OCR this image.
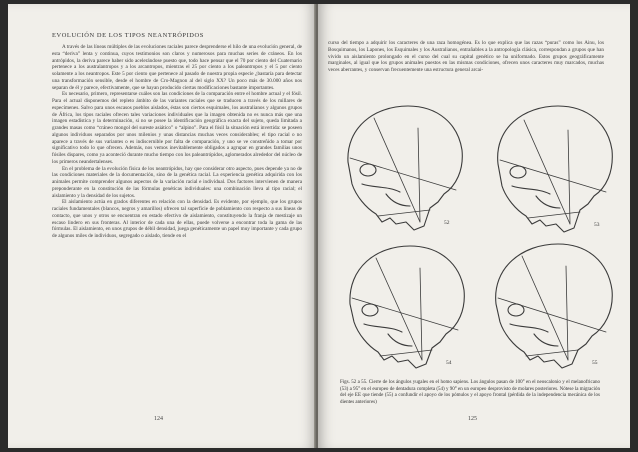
EVOLUCIÓN DE LOS TIPOS NEANTRÓPIDOS

A través de las líneas múltiples de las evoluciones raciales parece desprenderse el hilo de una evolución general, de esta “deriva” lenta y continua, cuyos testimonios son claros y numerosos para muchas series de cráneos. En los antrópidos, la deriva parece haber sido acelerándose puesto que, todo hace pensar que el 70 por ciento del Cuaternario pertenece a los australantropos y a los arcantropos, mientras el 25 por ciento a los paleantropos y el 5 por ciento solamente a los neantropos. Este 5 por ciento que pertenece al pasado de nuestra propia especie ¿bastaría para detectar una transformación sensible, desde el hombre de Cro-Magnon al del siglo XX? Un poco más de 30.000 años nos separan de él y parece, efectivamente, que se hayan producido ciertas modificaciones bastante importantes.

Es necesario, primero, representarse cuáles son las condiciones de la comparación entre el hombre actual y el fósil. Para el actual disponemos del repleto ámbito de las variantes raciales que se traducen a través de los millares de especímenes. Salvo para unos escasos pueblos aislados, éstas son ciertos esquimales, los australianos y algunos grupos de África, los tipos raciales ofrecen tales variaciones individuales que la imagen obtenida no es nunca más que una imagen estadística y la determinación, si no se posee la identificación geográfica exacta del sujeto, queda limitada a grandes masas como “cráneo mongol del sureste asiático” o “alpino”. Para el fósil la situación está invertida: se poseen algunos individuos separados por unos milenios y unas distancias muchas veces considerables; el tipo racial o no aparece a través de sus variantes o es indiscernible por falta de comparación, y uno se ve constreñido a tomar por significativo todo lo que ofrecen. Además, nos vemos inevitablemente obligados a agrupar en grandes familias unos fósiles dispares, como ya aconteció durante mucho tiempo con los paleantrópidos, aglomerados alrededor del núcleo de los primeros neandertalenses.

En el problema de la evolución física de los neantrópidos, hay que considerar otro aspecto, pues depende ya no de las condiciones materiales de la documentación, sino de la genética racial. La experiencia genética adquirida con los animales permite comprender algunos aspectos de la variación racial e individual. Dos factores intervienen de manera preponderante en la constitución de las fórmulas genéticas individuales: una combinación lleva al tipo racial; el aislamiento y la densidad de los sujetos.

El aislamiento actúa en grados diferentes en relación con la densidad. Es evidente, por ejemplo, que los grupos raciales fundamentales (blancos, negros y amarillos) ofrecen tal superficie de poblamiento con respecto a sus líneas de contacto, que unos y otros se encuentran en estado efectivo de aislamiento, constituyendo la franja de mestizaje un escaso lindero en sus fronteras. Al interior de cada una de ellas, puede volverse a encontrar toda la gama de las fórmulas. El aislamiento, en unos grupos de débil densidad, juega genéticamente un papel muy importante y cada grupo de algunos miles de individuos, segregado o aislado, tiende en el

124

curso del tiempo a adquirir los caracteres de una raza homogénea. Es lo que explica que las razas “puras” como los Ainu, los Bosquimanos, los Lapones, los Esquimales y los Australianos, entrañables a la antropología clásica, correspondan a grupos que han vivido un aislamiento prolongado en el curso del cual su capital genético se ha uniformado. Estos grupos geográficamente marginales, al igual que los grupos animales puestos en las mismas condiciones, ofrecen unos caracteres muy marcados, muchas veces aberrantes, y conservan frecuentemente una estructura general arcai-

52	53
54	55
Figs. 52 a 55. Cierre de los ángulos yugales en el homo sapiens. Los ángulos pasan de 100° en el neoscalonio y el melanofricano (53) a 95° en el europeo de dentadura completa (54) y 90° en un europeo desprovisto de molares posteriores. Nótese la migración del eje EE que tiende (55) a confundir el apoyo de los pómulos y el apoyo frontal (pérdida de la independencia mecánica de los dientes anteriores)
125
